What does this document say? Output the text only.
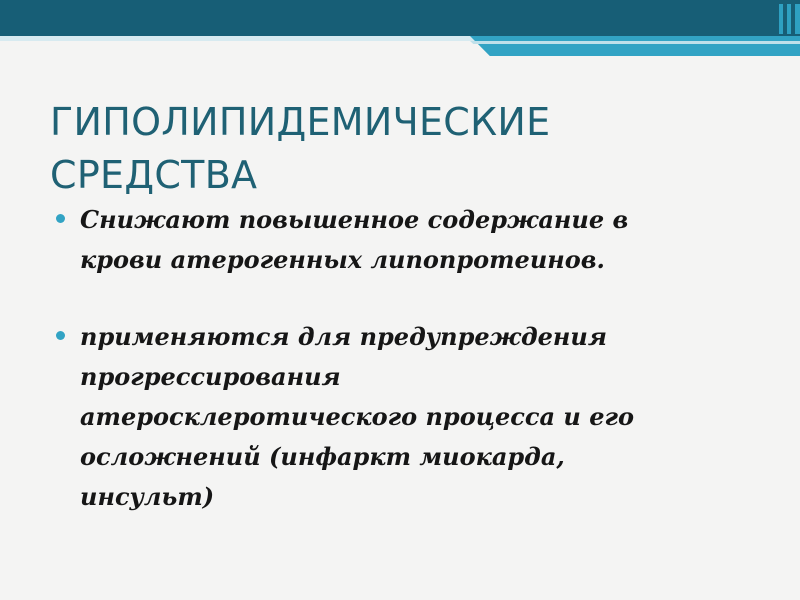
ГИПОЛИПИДЕМИЧЕСКИЕ
СРЕДСТВА
Снижают повышенное содержание в
крови атерогенных липопротеинов.
применяются для предупреждения
прогрессирования
атеросклеротического процесса и его
осложнений (инфаркт миокарда,
инсульт)
